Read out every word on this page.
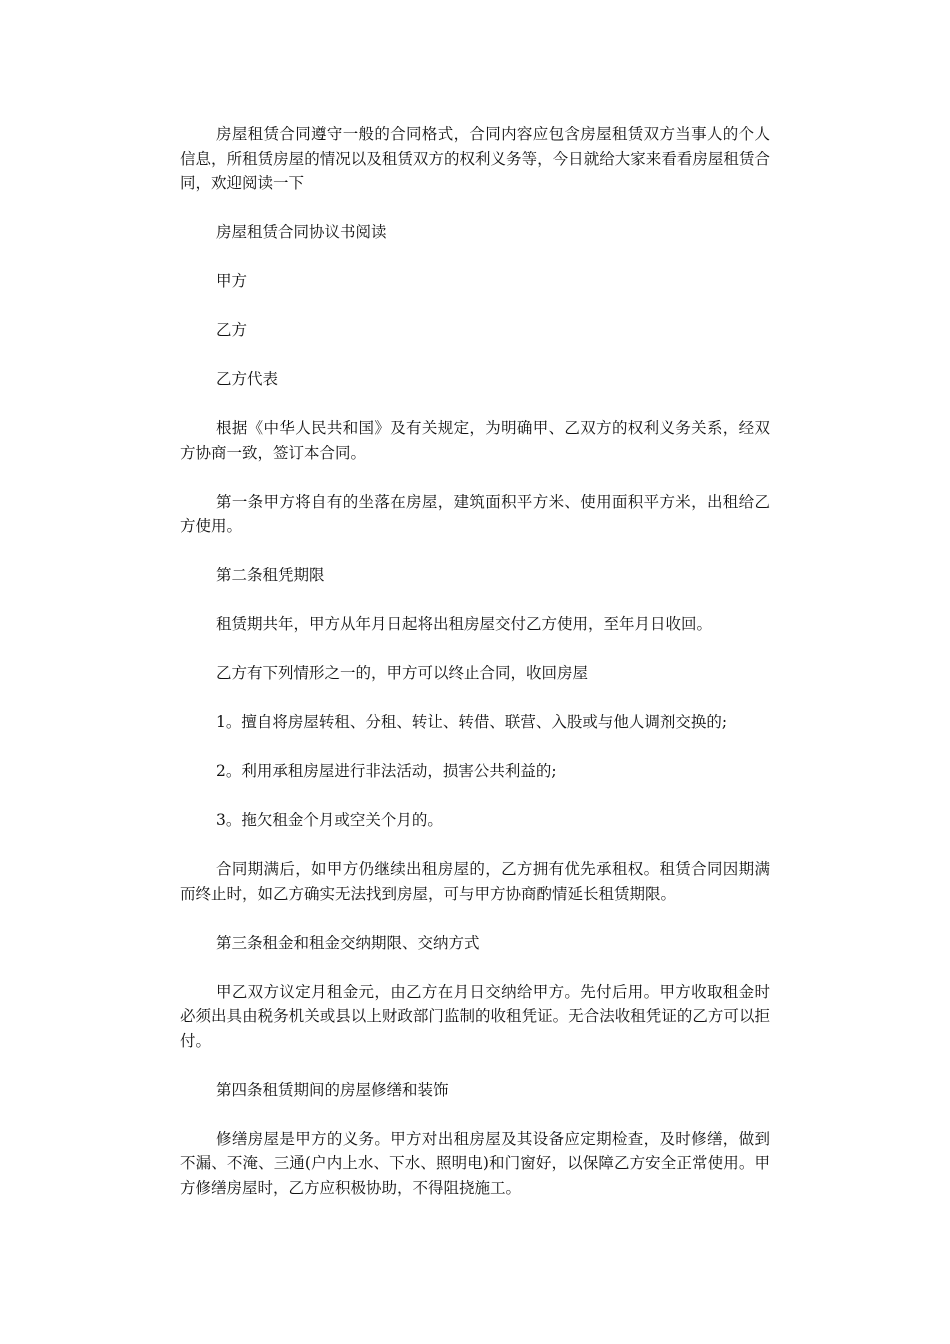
房屋租赁合同遵守一般的合同格式，合同内容应包含房屋租赁双方当事人的个人信息，所租赁房屋的情况以及租赁双方的权利义务等，今日就给大家来看看房屋租赁合同，欢迎阅读一下

房屋租赁合同协议书阅读

甲方

乙方

乙方代表

根据《中华人民共和国》及有关规定，为明确甲、乙双方的权利义务关系，经双方协商一致，签订本合同。

第一条甲方将自有的坐落在房屋，建筑面积平方米、使用面积平方米，出租给乙方使用。

第二条租凭期限

租赁期共年，甲方从年月日起将出租房屋交付乙方使用，至年月日收回。

乙方有下列情形之一的，甲方可以终止合同，收回房屋

1。擅自将房屋转租、分租、转让、转借、联营、入股或与他人调剂交换的;

2。利用承租房屋进行非法活动，损害公共利益的;

3。拖欠租金个月或空关个月的。

合同期满后，如甲方仍继续出租房屋的，乙方拥有优先承租权。租赁合同因期满而终止时，如乙方确实无法找到房屋，可与甲方协商酌情延长租赁期限。

第三条租金和租金交纳期限、交纳方式

甲乙双方议定月租金元，由乙方在月日交纳给甲方。先付后用。甲方收取租金时必须出具由税务机关或县以上财政部门监制的收租凭证。无合法收租凭证的乙方可以拒付。

第四条租赁期间的房屋修缮和装饰

修缮房屋是甲方的义务。甲方对出租房屋及其设备应定期检查，及时修缮，做到不漏、不淹、三通(户内上水、下水、照明电)和门窗好，以保障乙方安全正常使用。甲方修缮房屋时，乙方应积极协助，不得阻挠施工。
